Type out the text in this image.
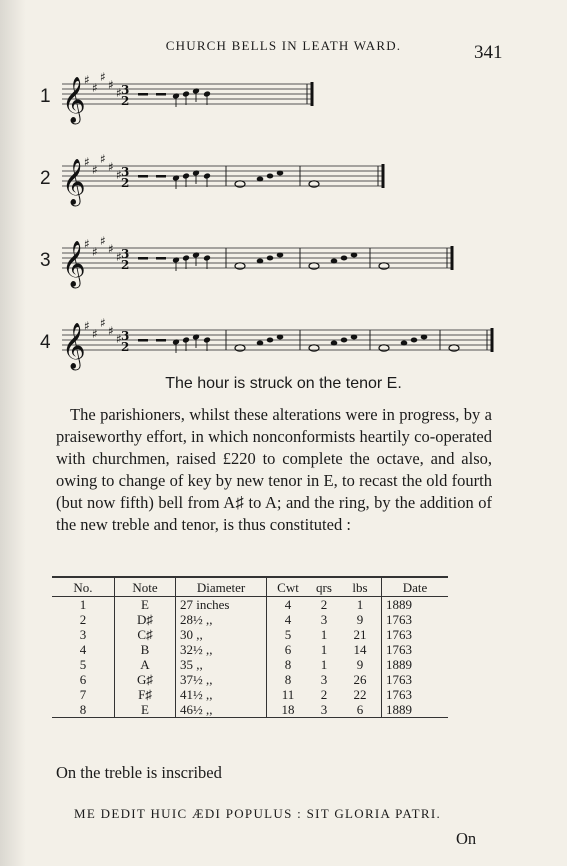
CHURCH BELLS IN LEATH WARD.	341
1 𝄞
♯
♯
♯
♯
♯ 3
2
2 𝄞
♯
♯
♯
♯
♯ 3
2
3 𝄞
♯
♯
♯
♯
♯ 3
2
4 𝄞
♯
♯
♯
♯
♯ 3
2
The hour is struck on the tenor E.
The parishioners, whilst these alterations were in progress, by a praiseworthy effort, in which nonconformists heartily co-operated with churchmen, raised £220 to complete the octave, and also, owing to change of key by new tenor in E, to recast the old fourth (but now fifth) bell from A♯ to A; and the ring, by the addition of the new treble and tenor, is thus constituted :
No.	Note	Diameter	Cwt	qrs	lbs	Date
1	E	27 inches	4	2	1	1889
2	D♯	28½ ,,	4	3	9	1763
3	C♯	30 ,,	5	1	21	1763
4	B	32½ ,,	6	1	14	1763
5	A	35 ,,	8	1	9	1889
6	G♯	37½ ,,	8	3	26	1763
7	F♯	41½ ,,	11	2	22	1763
8	E	46½ ,,	18	3	6	1889
On the treble is inscribed
ME DEDIT HUIC ÆDI POPULUS : SIT GLORIA PATRI.
On
